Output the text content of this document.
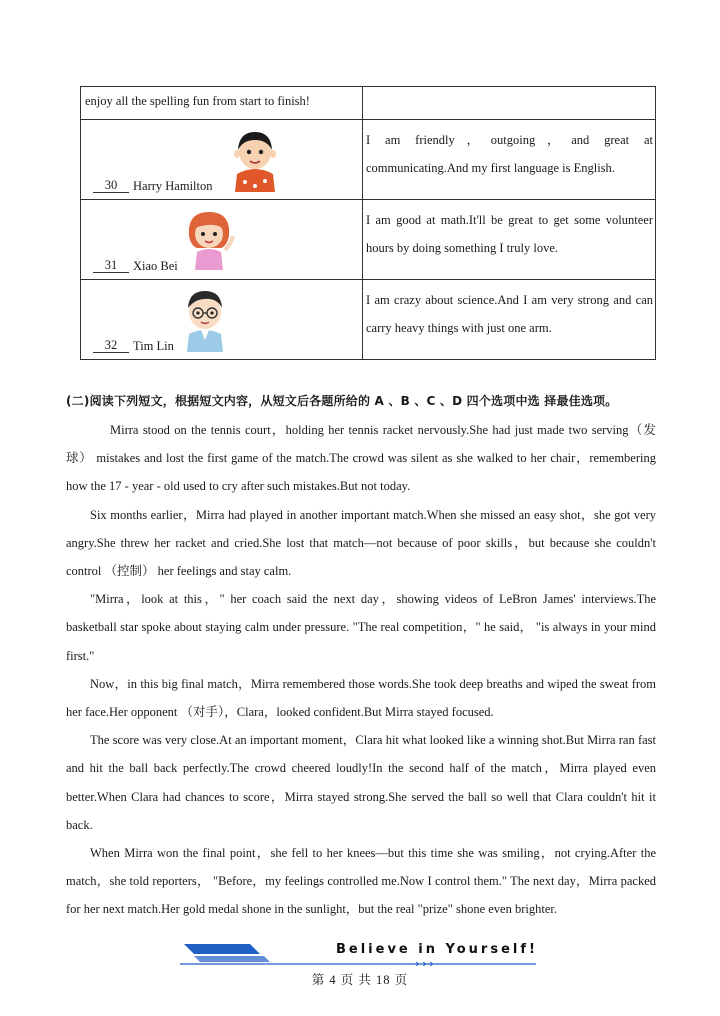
enjoy all the spelling fun from start to finish!	

30 Harry Hamilton	I am friendly，outgoing，and great at communicating.And my first language is English.

31 Xiao Bei	I am good at math.It'll be great to get some volunteer hours by doing something I truly love.

32 Tim Lin	I am crazy about science.And I am very strong and can carry heavy things with just one arm.
(二)阅读下列短文，根据短文内容，从短文后各题所给的 A 、B 、C 、D 四个选项中选 择最佳选项。

Mirra stood on the tennis court，holding her tennis racket nervously.She had just made two serving（发球） mistakes and lost the first game of the match.The crowd was silent as she walked to her chair，remembering how the 17 - year - old used to cry after such mistakes.But not today.

Six months earlier，Mirra had played in another important match.When she missed an easy shot，she got very angry.She threw her racket and cried.She lost that match—not because of poor skills，but because she couldn't control （控制） her feelings and stay calm.

"Mirra，look at this，" her coach said the next day，showing videos of LeBron James' interviews.The basketball star spoke about staying calm under pressure. "The real competition，" he said， "is always in your mind first."

Now，in this big final match，Mirra remembered those words.She took deep breaths and wiped the sweat from her face.Her opponent （对手），Clara，looked confident.But Mirra stayed focused.

The score was very close.At an important moment，Clara hit what looked like a winning shot.But Mirra ran fast and hit the ball back perfectly.The crowd cheered loudly!In the second half of the match，Mirra played even better.When Clara had chances to score，Mirra stayed strong.She served the ball so well that Clara couldn't hit it back.

When Mirra won the final point，she fell to her knees—but this time she was smiling，not crying.After the match，she told reporters， "Before，my feelings controlled me.Now I control them." The next day，Mirra packed for her next match.Her gold medal shone in the sunlight，but the real "prize" shone even brighter.

Believe in Yourself!
第 4 页 共 18 页
